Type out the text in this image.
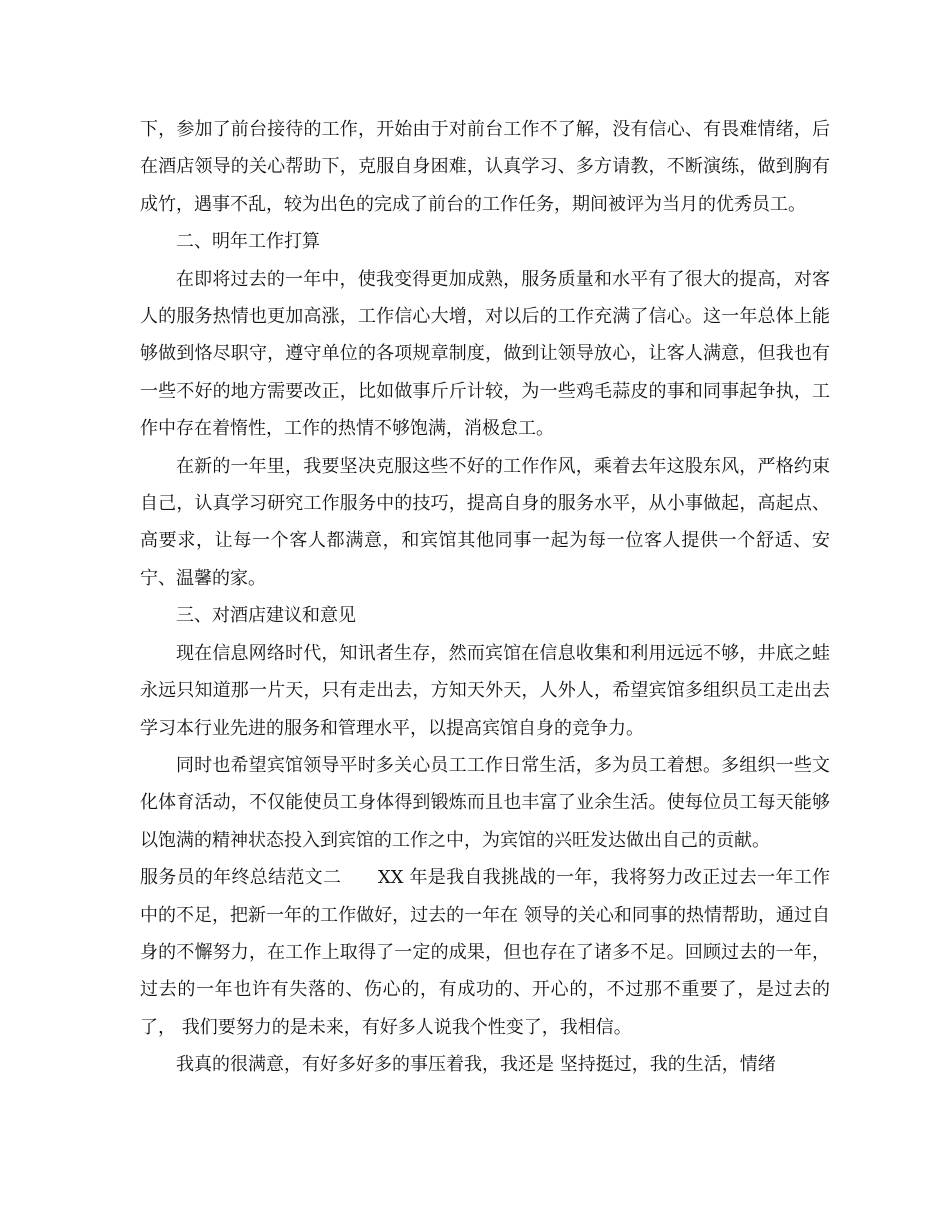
下，参加了前台接待的工作，开始由于对前台工作不了解，没有信心、有畏难情绪，后在酒店领导的关心帮助下，克服自身困难，认真学习、多方请教，不断演练，做到胸有成竹，遇事不乱，较为出色的完成了前台的工作任务，期间被评为当月的优秀员工。

二、明年工作打算

在即将过去的一年中，使我变得更加成熟，服务质量和水平有了很大的提高，对客人的服务热情也更加高涨，工作信心大增，对以后的工作充满了信心。这一年总体上能够做到恪尽职守，遵守单位的各项规章制度，做到让领导放心，让客人满意，但我也有一些不好的地方需要改正，比如做事斤斤计较，为一些鸡毛蒜皮的事和同事起争执，工作中存在着惰性，工作的热情不够饱满，消极怠工。

在新的一年里，我要坚决克服这些不好的工作作风，乘着去年这股东风，严格约束自己，认真学习研究工作服务中的技巧，提高自身的服务水平，从小事做起，高起点、高要求，让每一个客人都满意，和宾馆其他同事一起为每一位客人提供一个舒适、安宁、温馨的家。

三、对酒店建议和意见

现在信息网络时代，知讯者生存，然而宾馆在信息收集和利用远远不够，井底之蛙永远只知道那一片天，只有走出去，方知天外天，人外人，希望宾馆多组织员工走出去学习本行业先进的服务和管理水平，以提高宾馆自身的竞争力。

同时也希望宾馆领导平时多关心员工工作日常生活，多为员工着想。多组织一些文化体育活动，不仅能使员工身体得到锻炼而且也丰富了业余生活。使每位员工每天能够以饱满的精神状态投入到宾馆的工作之中，为宾馆的兴旺发达做出自己的贡献。

服务员的年终总结范文二　　XX 年是我自我挑战的一年，我将努力改正过去一年工作中的不足，把新一年的工作做好，过去的一年在 领导的关心和同事的热情帮助，通过自身的不懈努力，在工作上取得了一定的成果，但也存在了诸多不足。回顾过去的一年，过去的一年也许有失落的、伤心的，有成功的、开心的，不过那不重要了，是过去的了， 我们要努力的是未来，有好多人说我个性变了，我相信。

我真的很满意，有好多好多的事压着我，我还是 坚持挺过，我的生活，情绪
